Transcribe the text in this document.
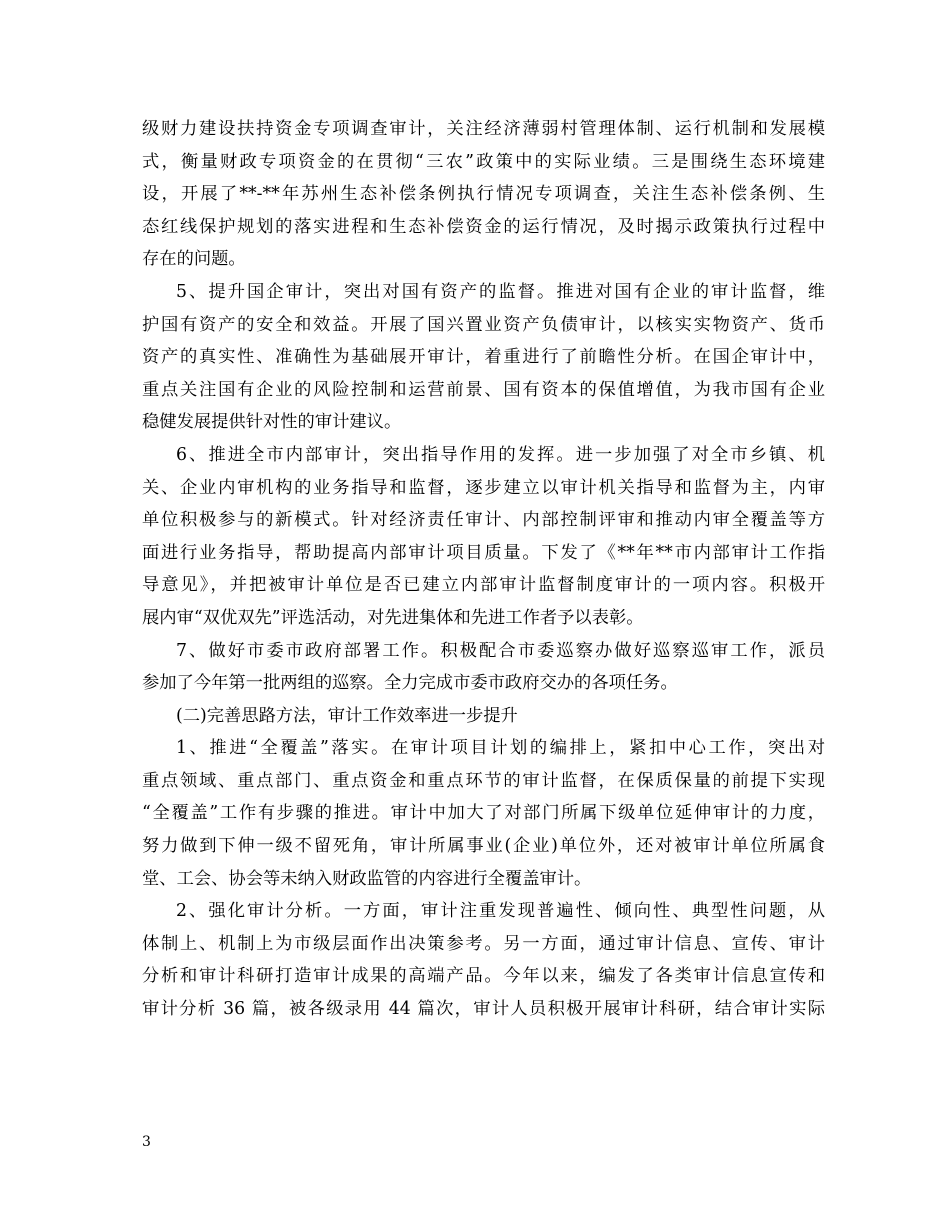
级财力建设扶持资金专项调查审计，关注经济薄弱村管理体制、运行机制和发展模
式，衡量财政专项资金的在贯彻“三农”政策中的实际业绩。三是围绕生态环境建
设，开展了**-**年苏州生态补偿条例执行情况专项调查，关注生态补偿条例、生
态红线保护规划的落实进程和生态补偿资金的运行情况，及时揭示政策执行过程中
存在的问题。
5、提升国企审计，突出对国有资产的监督。推进对国有企业的审计监督，维
护国有资产的安全和效益。开展了国兴置业资产负债审计，以核实实物资产、货币
资产的真实性、准确性为基础展开审计，着重进行了前瞻性分析。在国企审计中，
重点关注国有企业的风险控制和运营前景、国有资本的保值增值，为我市国有企业
稳健发展提供针对性的审计建议。
6、推进全市内部审计，突出指导作用的发挥。进一步加强了对全市乡镇、机
关、企业内审机构的业务指导和监督，逐步建立以审计机关指导和监督为主，内审
单位积极参与的新模式。针对经济责任审计、内部控制评审和推动内审全覆盖等方
面进行业务指导，帮助提高内部审计项目质量。下发了《**年**市内部审计工作指
导意见》，并把被审计单位是否已建立内部审计监督制度审计的一项内容。积极开
展内审“双优双先”评选活动，对先进集体和先进工作者予以表彰。
7、做好市委市政府部署工作。积极配合市委巡察办做好巡察巡审工作，派员
参加了今年第一批两组的巡察。全力完成市委市政府交办的各项任务。
(二)完善思路方法，审计工作效率进一步提升
1、推进“全覆盖”落实。在审计项目计划的编排上，紧扣中心工作，突出对
重点领域、重点部门、重点资金和重点环节的审计监督，在保质保量的前提下实现
“全覆盖”工作有步骤的推进。审计中加大了对部门所属下级单位延伸审计的力度，
努力做到下伸一级不留死角，审计所属事业(企业)单位外，还对被审计单位所属食
堂、工会、协会等未纳入财政监管的内容进行全覆盖审计。
2、强化审计分析。一方面，审计注重发现普遍性、倾向性、典型性问题，从
体制上、机制上为市级层面作出决策参考。另一方面，通过审计信息、宣传、审计
分析和审计科研打造审计成果的高端产品。今年以来，编发了各类审计信息宣传和
审计分析 36 篇，被各级录用 44 篇次，审计人员积极开展审计科研，结合审计实际
3
